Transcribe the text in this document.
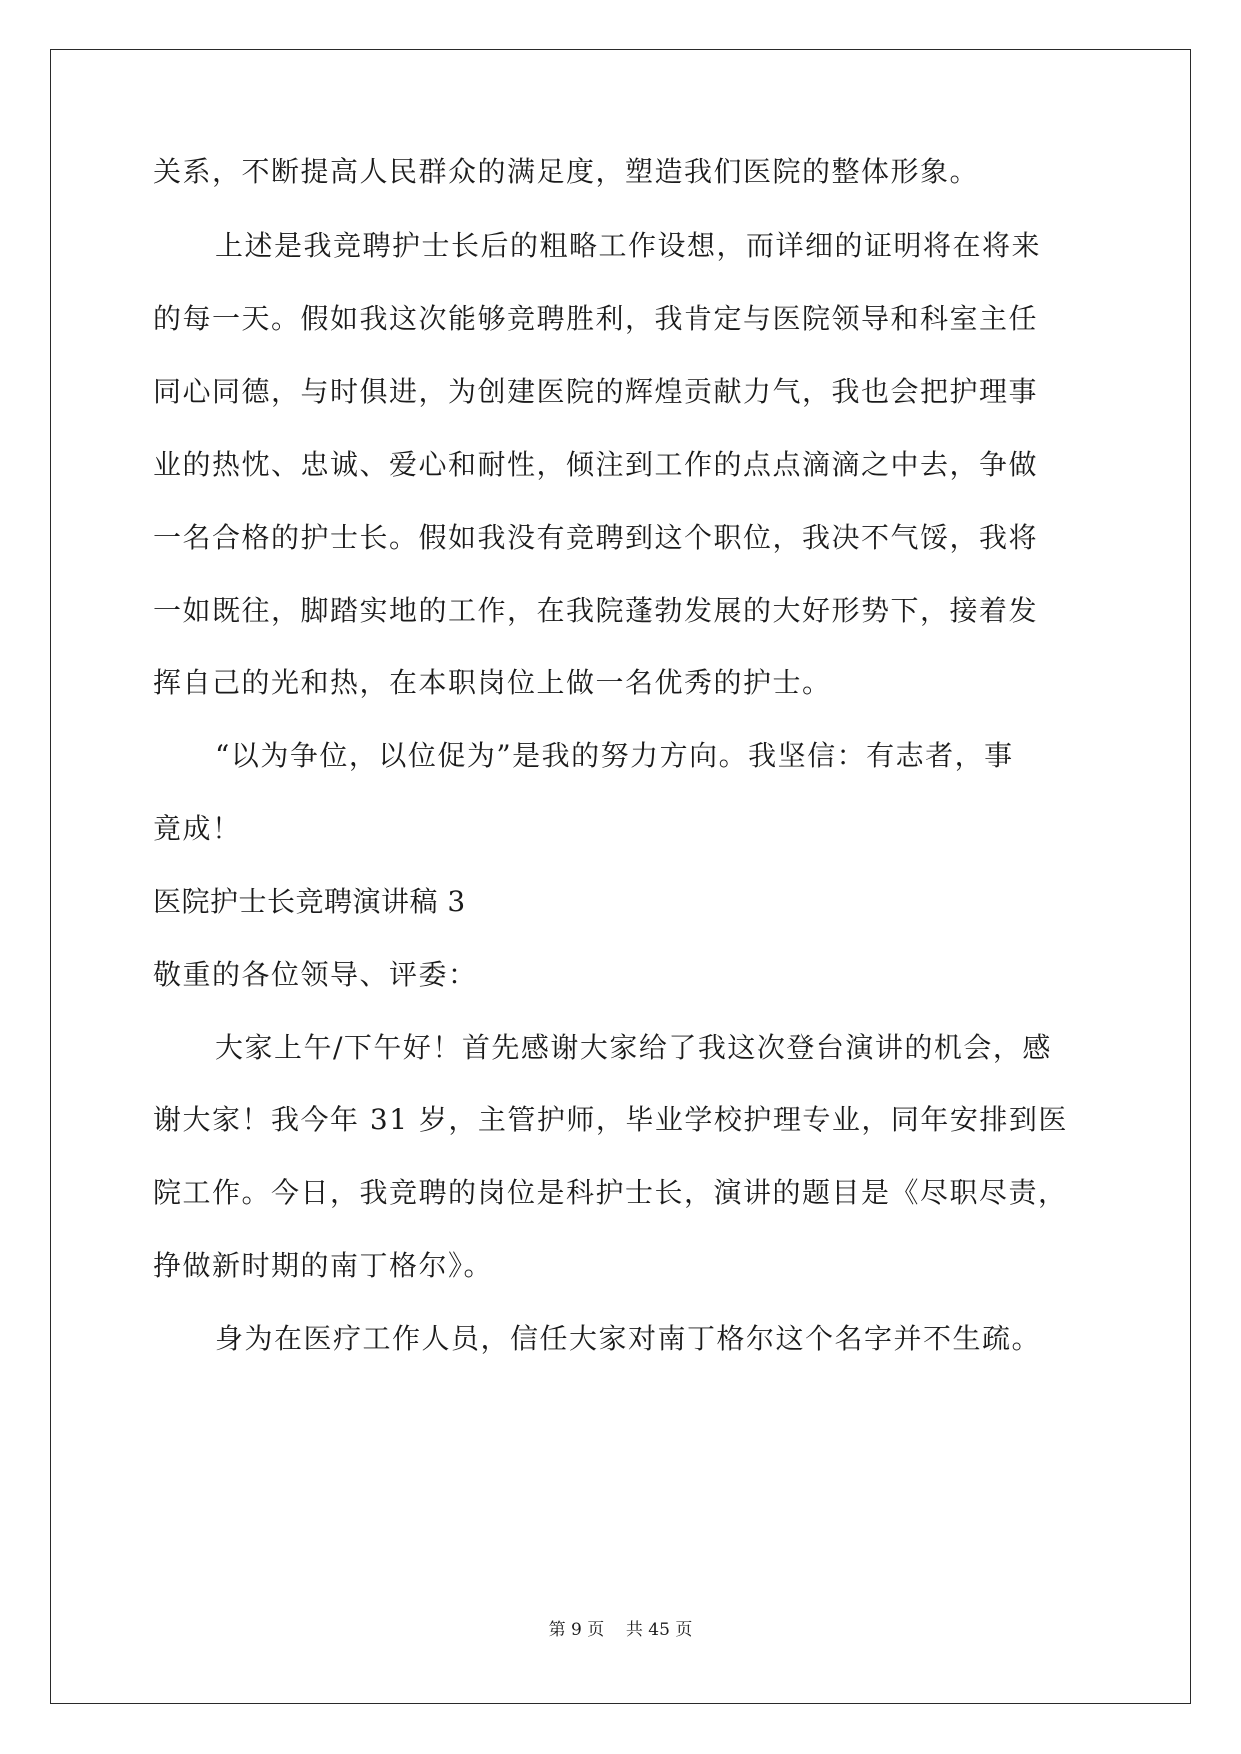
关系，不断提高人民群众的满足度，塑造我们医院的整体形象。

上述是我竞聘护士长后的粗略工作设想，而详细的证明将在将来

的每一天。假如我这次能够竞聘胜利，我肯定与医院领导和科室主任

同心同德，与时俱进，为创建医院的辉煌贡献力气，我也会把护理事

业的热忱、忠诚、爱心和耐性，倾注到工作的点点滴滴之中去，争做

一名合格的护士长。假如我没有竞聘到这个职位，我决不气馁，我将

一如既往，脚踏实地的工作，在我院蓬勃发展的大好形势下，接着发

挥自己的光和热，在本职岗位上做一名优秀的护士。

“以为争位，以位促为”是我的努力方向。我坚信：有志者，事

竟成！

医院护士长竞聘演讲稿 3

敬重的各位领导、评委：

大家上午/下午好！首先感谢大家给了我这次登台演讲的机会，感

谢大家！我今年 31 岁，主管护师，毕业学校护理专业，同年安排到医

院工作。今日，我竞聘的岗位是科护士长，演讲的题目是《尽职尽责，

挣做新时期的南丁格尔》。

身为在医疗工作人员，信任大家对南丁格尔这个名字并不生疏。

第 9 页    共 45 页
